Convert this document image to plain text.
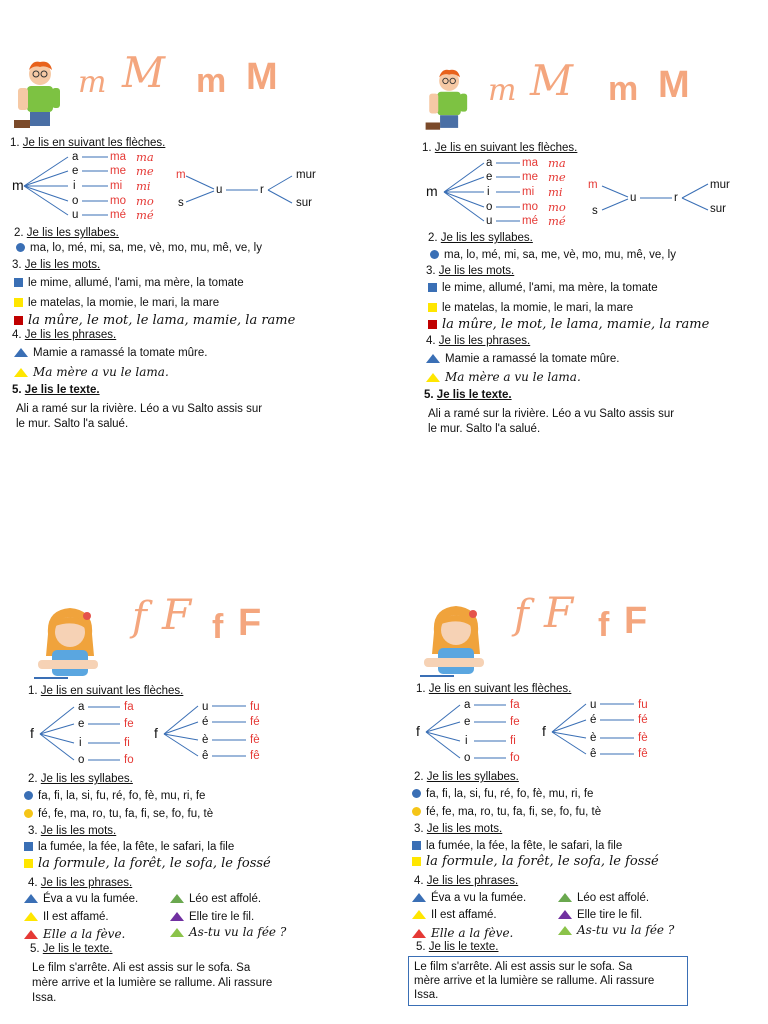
m M m M
1. Je lis en suivant les flèches.
m
a
e
i
o
u
ma
me
mi
mo
mé
ma
me
mi
mo
mé
m
s
u	r
mur
sur
2. Je lis les syllabes.
ma, lo, mé, mi, sa, me, vè, mo, mu, mê, ve, ly
3. Je lis les mots.
le mime, allumé, l'ami, ma mère, la tomate
le matelas, la momie, le mari, la mare
la mûre, le mot, le lama, mamie, la rame
4. Je lis les phrases.
Mamie a ramassé la tomate mûre.
Ma mère a vu le lama.
5. Je lis le texte.
Ali a ramé sur la rivière. Léo a vu Salto assis sur
le mur. Salto l'a salué.
m M m M
1. Je lis en suivant les flèches.
m
a
e
i
o
u
ma
me
mi
mo
mé
ma
me
mi
mo
mé
m
s
u	r
mur
sur
2. Je lis les syllabes.
ma, lo, mé, mi, sa, me, vè, mo, mu, mê, ve, ly
3. Je lis les mots.
le mime, allumé, l'ami, ma mère, la tomate
le matelas, la momie, le mari, la mare
la mûre, le mot, le lama, mamie, la rame
4. Je lis les phrases.
Mamie a ramassé la tomate mûre.
Ma mère a vu le lama.
5. Je lis le texte.
Ali a ramé sur la rivière. Léo a vu Salto assis sur
le mur. Salto l'a salué.
f F f F
1. Je lis en suivant les flèches.
f
a
e
i
o
fa
fe
fi
fo
f
u
é
è
ê
fu
fé
fè
fê
2. Je lis les syllabes.
fa, fi, la, si, fu, ré, fo, fè, mu, ri, fe
fé, fe, ma, ro, tu, fa, fi, se, fo, fu, tè
3. Je lis les mots.
la fumée, la fée, la fête, le safari, la file
la formule, la forêt, le sofa, le fossé
4. Je lis les phrases.
Éva a vu la fumée.	Léo est affolé.
Il est affamé.	Elle tire le fil.
Elle a la fève.	As-tu vu la fée ?
5. Je lis le texte.
Le film s'arrête. Ali est assis sur le sofa. Sa
mère arrive et la lumière se rallume. Ali rassure
Issa.
f F f F
1. Je lis en suivant les flèches.
f
a
e
i
o
fa
fe
fi
fo
f
u
é
è
ê
fu
fé
fè
fê
2. Je lis les syllabes.
fa, fi, la, si, fu, ré, fo, fè, mu, ri, fe
fé, fe, ma, ro, tu, fa, fi, se, fo, fu, tè
3. Je lis les mots.
la fumée, la fée, la fête, le safari, la file
la formule, la forêt, le sofa, le fossé
4. Je lis les phrases.
Éva a vu la fumée.	Léo est affolé.
Il est affamé.	Elle tire le fil.
Elle a la fève.	As-tu vu la fée ?
5. Je lis le texte.
Le film s'arrête. Ali est assis sur le sofa. Sa
mère arrive et la lumière se rallume. Ali rassure
Issa.
